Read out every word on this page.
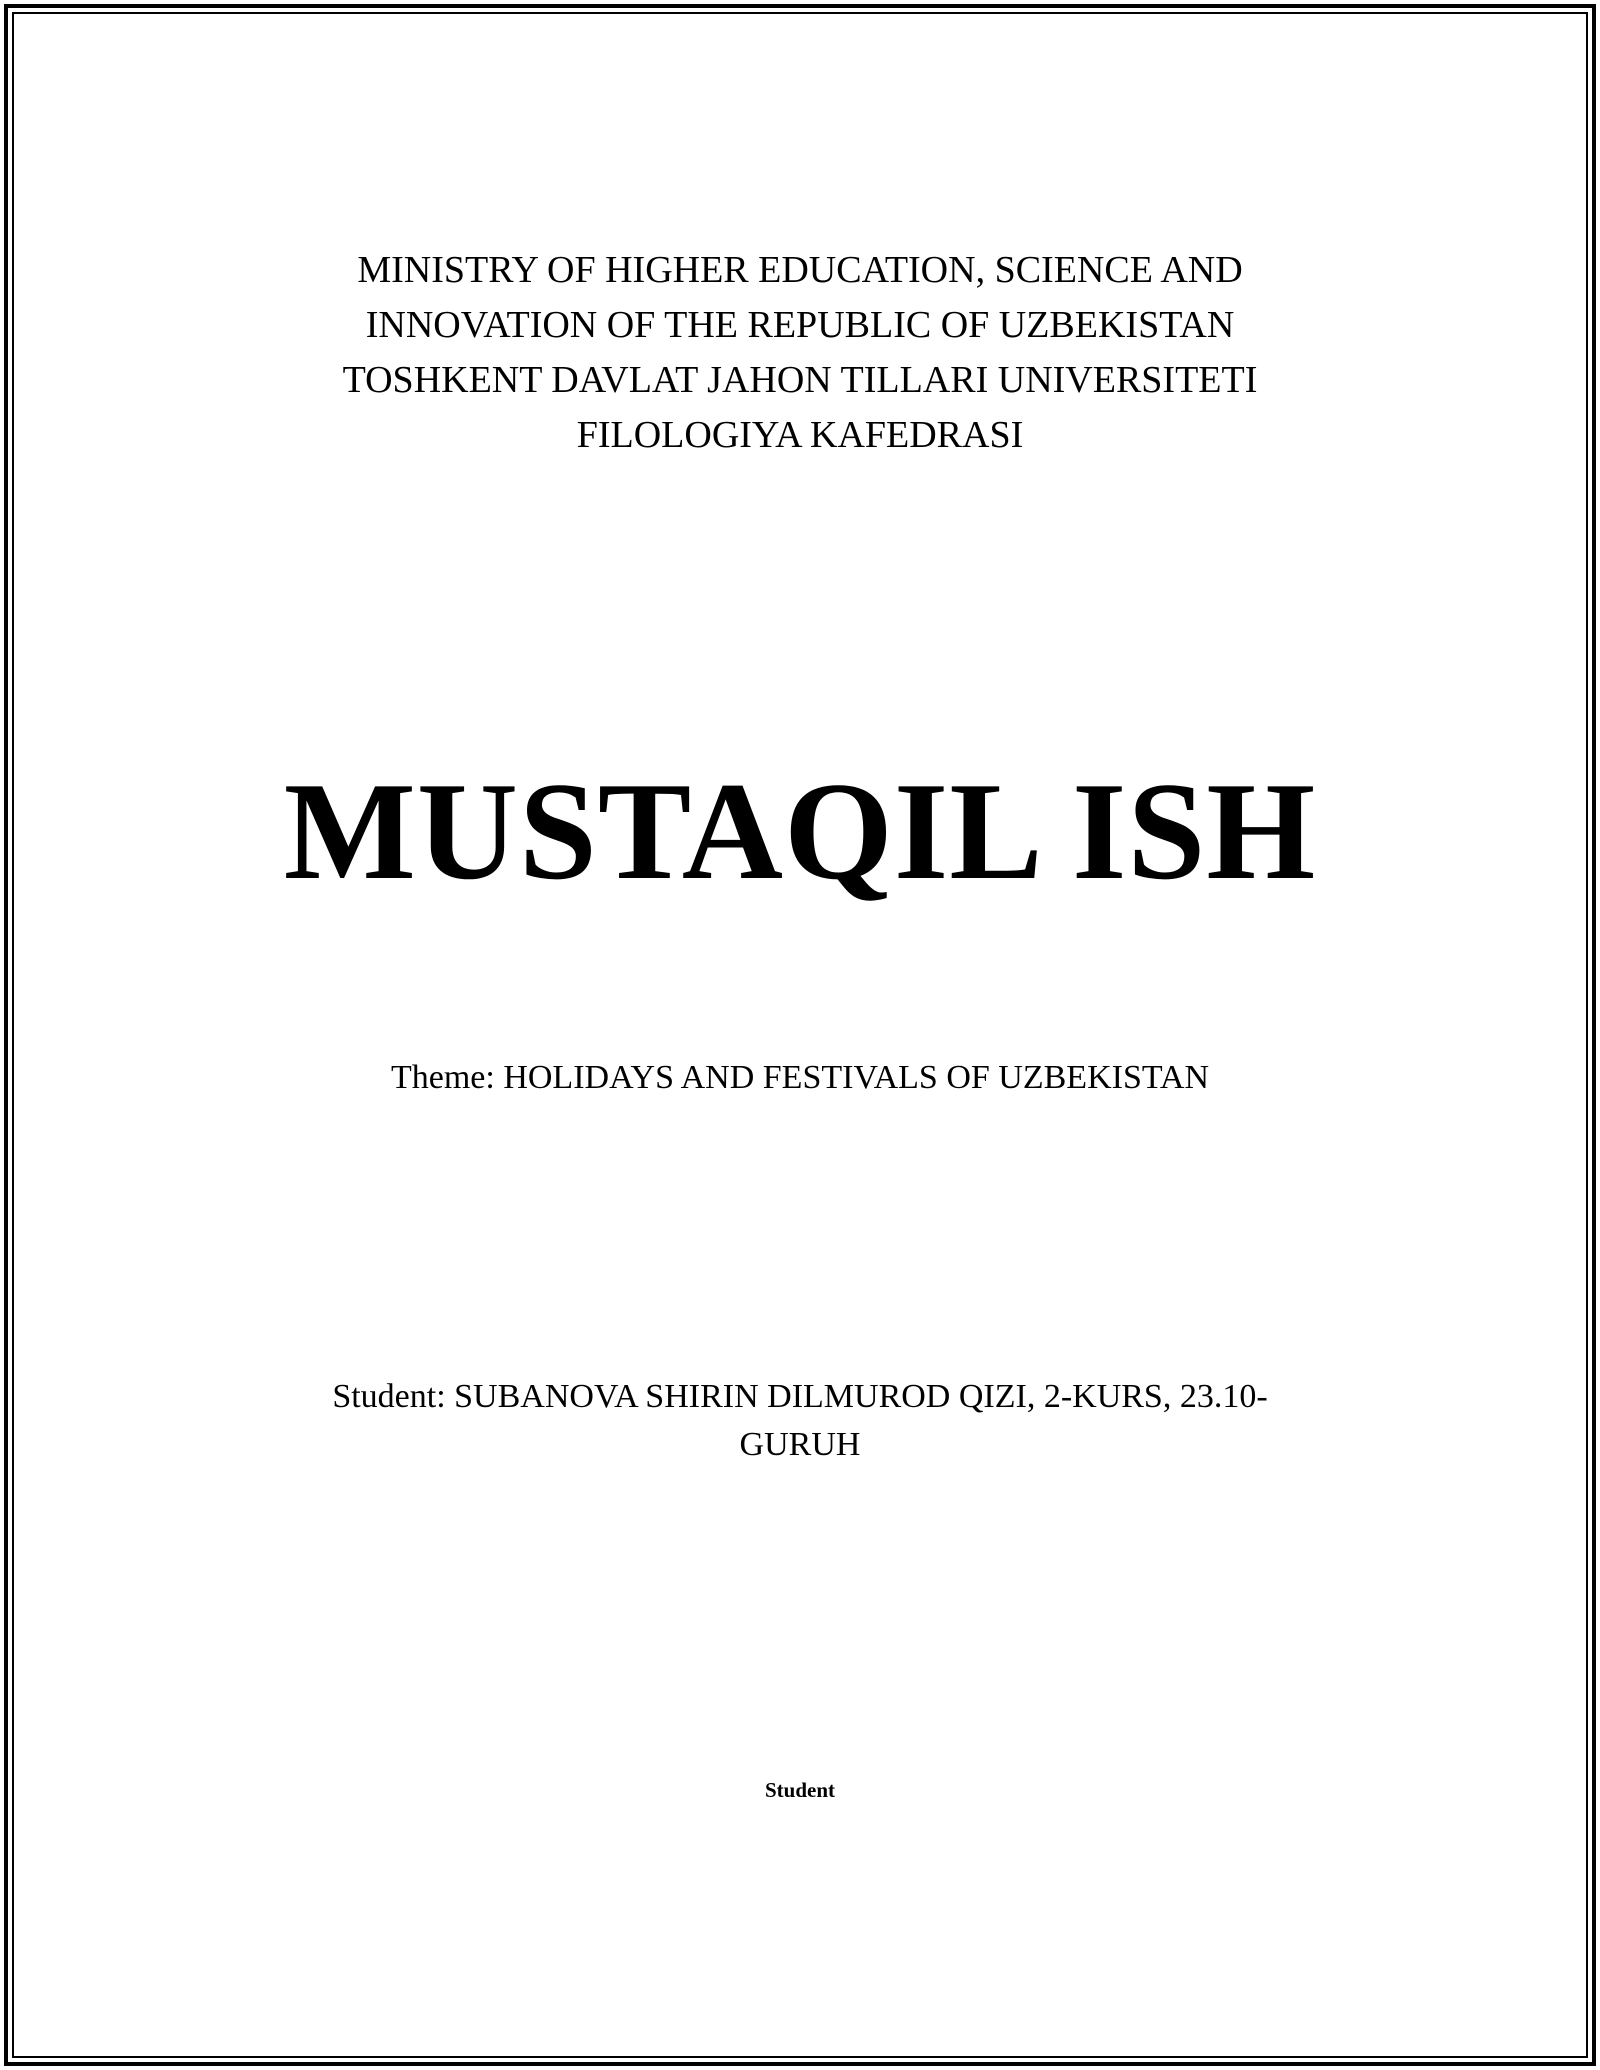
MINISTRY OF HIGHER EDUCATION, SCIENCE AND
INNOVATION OF THE REPUBLIC OF UZBEKISTAN
TOSHKENT DAVLAT JAHON TILLARI UNIVERSITETI
FILOLOGIYA KAFEDRASI
MUSTAQIL ISH
Theme: HOLIDAYS AND FESTIVALS OF UZBEKISTAN
Student: SUBANOVA SHIRIN DILMUROD QIZI, 2-KURS, 23.10-
GURUH
Student
